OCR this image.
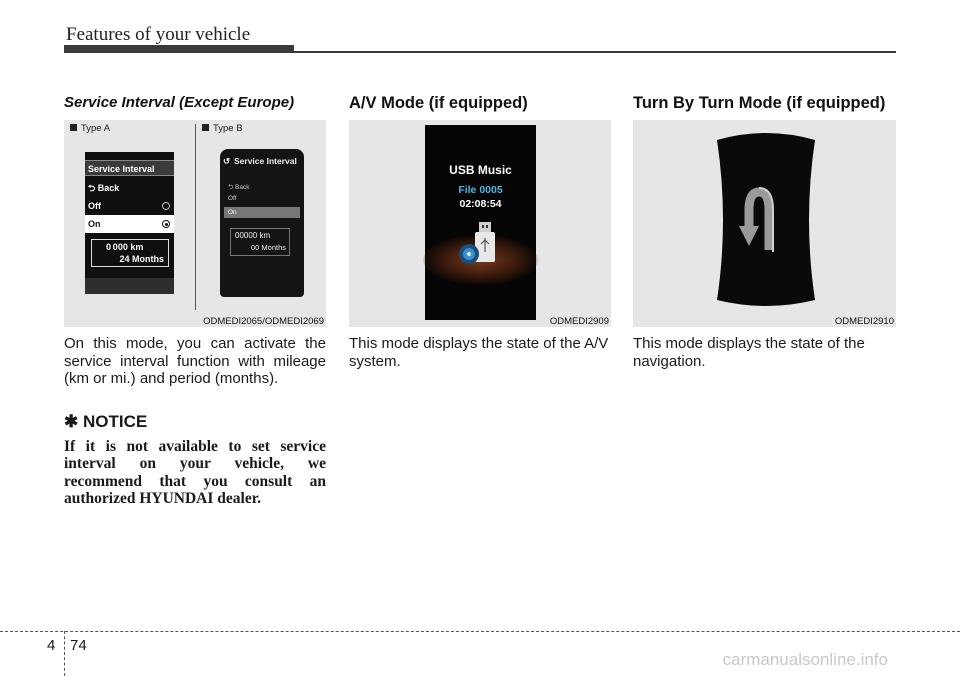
Features of your vehicle
Service Interval (Except Europe)
Type A	Type B
Service Interval
⮌ Back
Off
On
0 000 km
24 Months
↺ Service Interval
⮌ Back
Off
On
00000 km
00 Months
ODMEDI2065/ODMEDI2069
On this mode, you can activate the service interval function with mileage (km or mi.) and period (months).
✱ NOTICE
If it is not available to set service interval on your vehicle, we recommend that you consult an authorized HYUNDAI dealer.
A/V Mode (if equipped)
USB Music
File 0005
02:08:54
ODMEDI2909
This mode displays the state of the A/V system.
Turn By Turn Mode (if equipped)
ODMEDI2910
This mode displays the state of the navigation.
4 74
carmanualsonline.info
